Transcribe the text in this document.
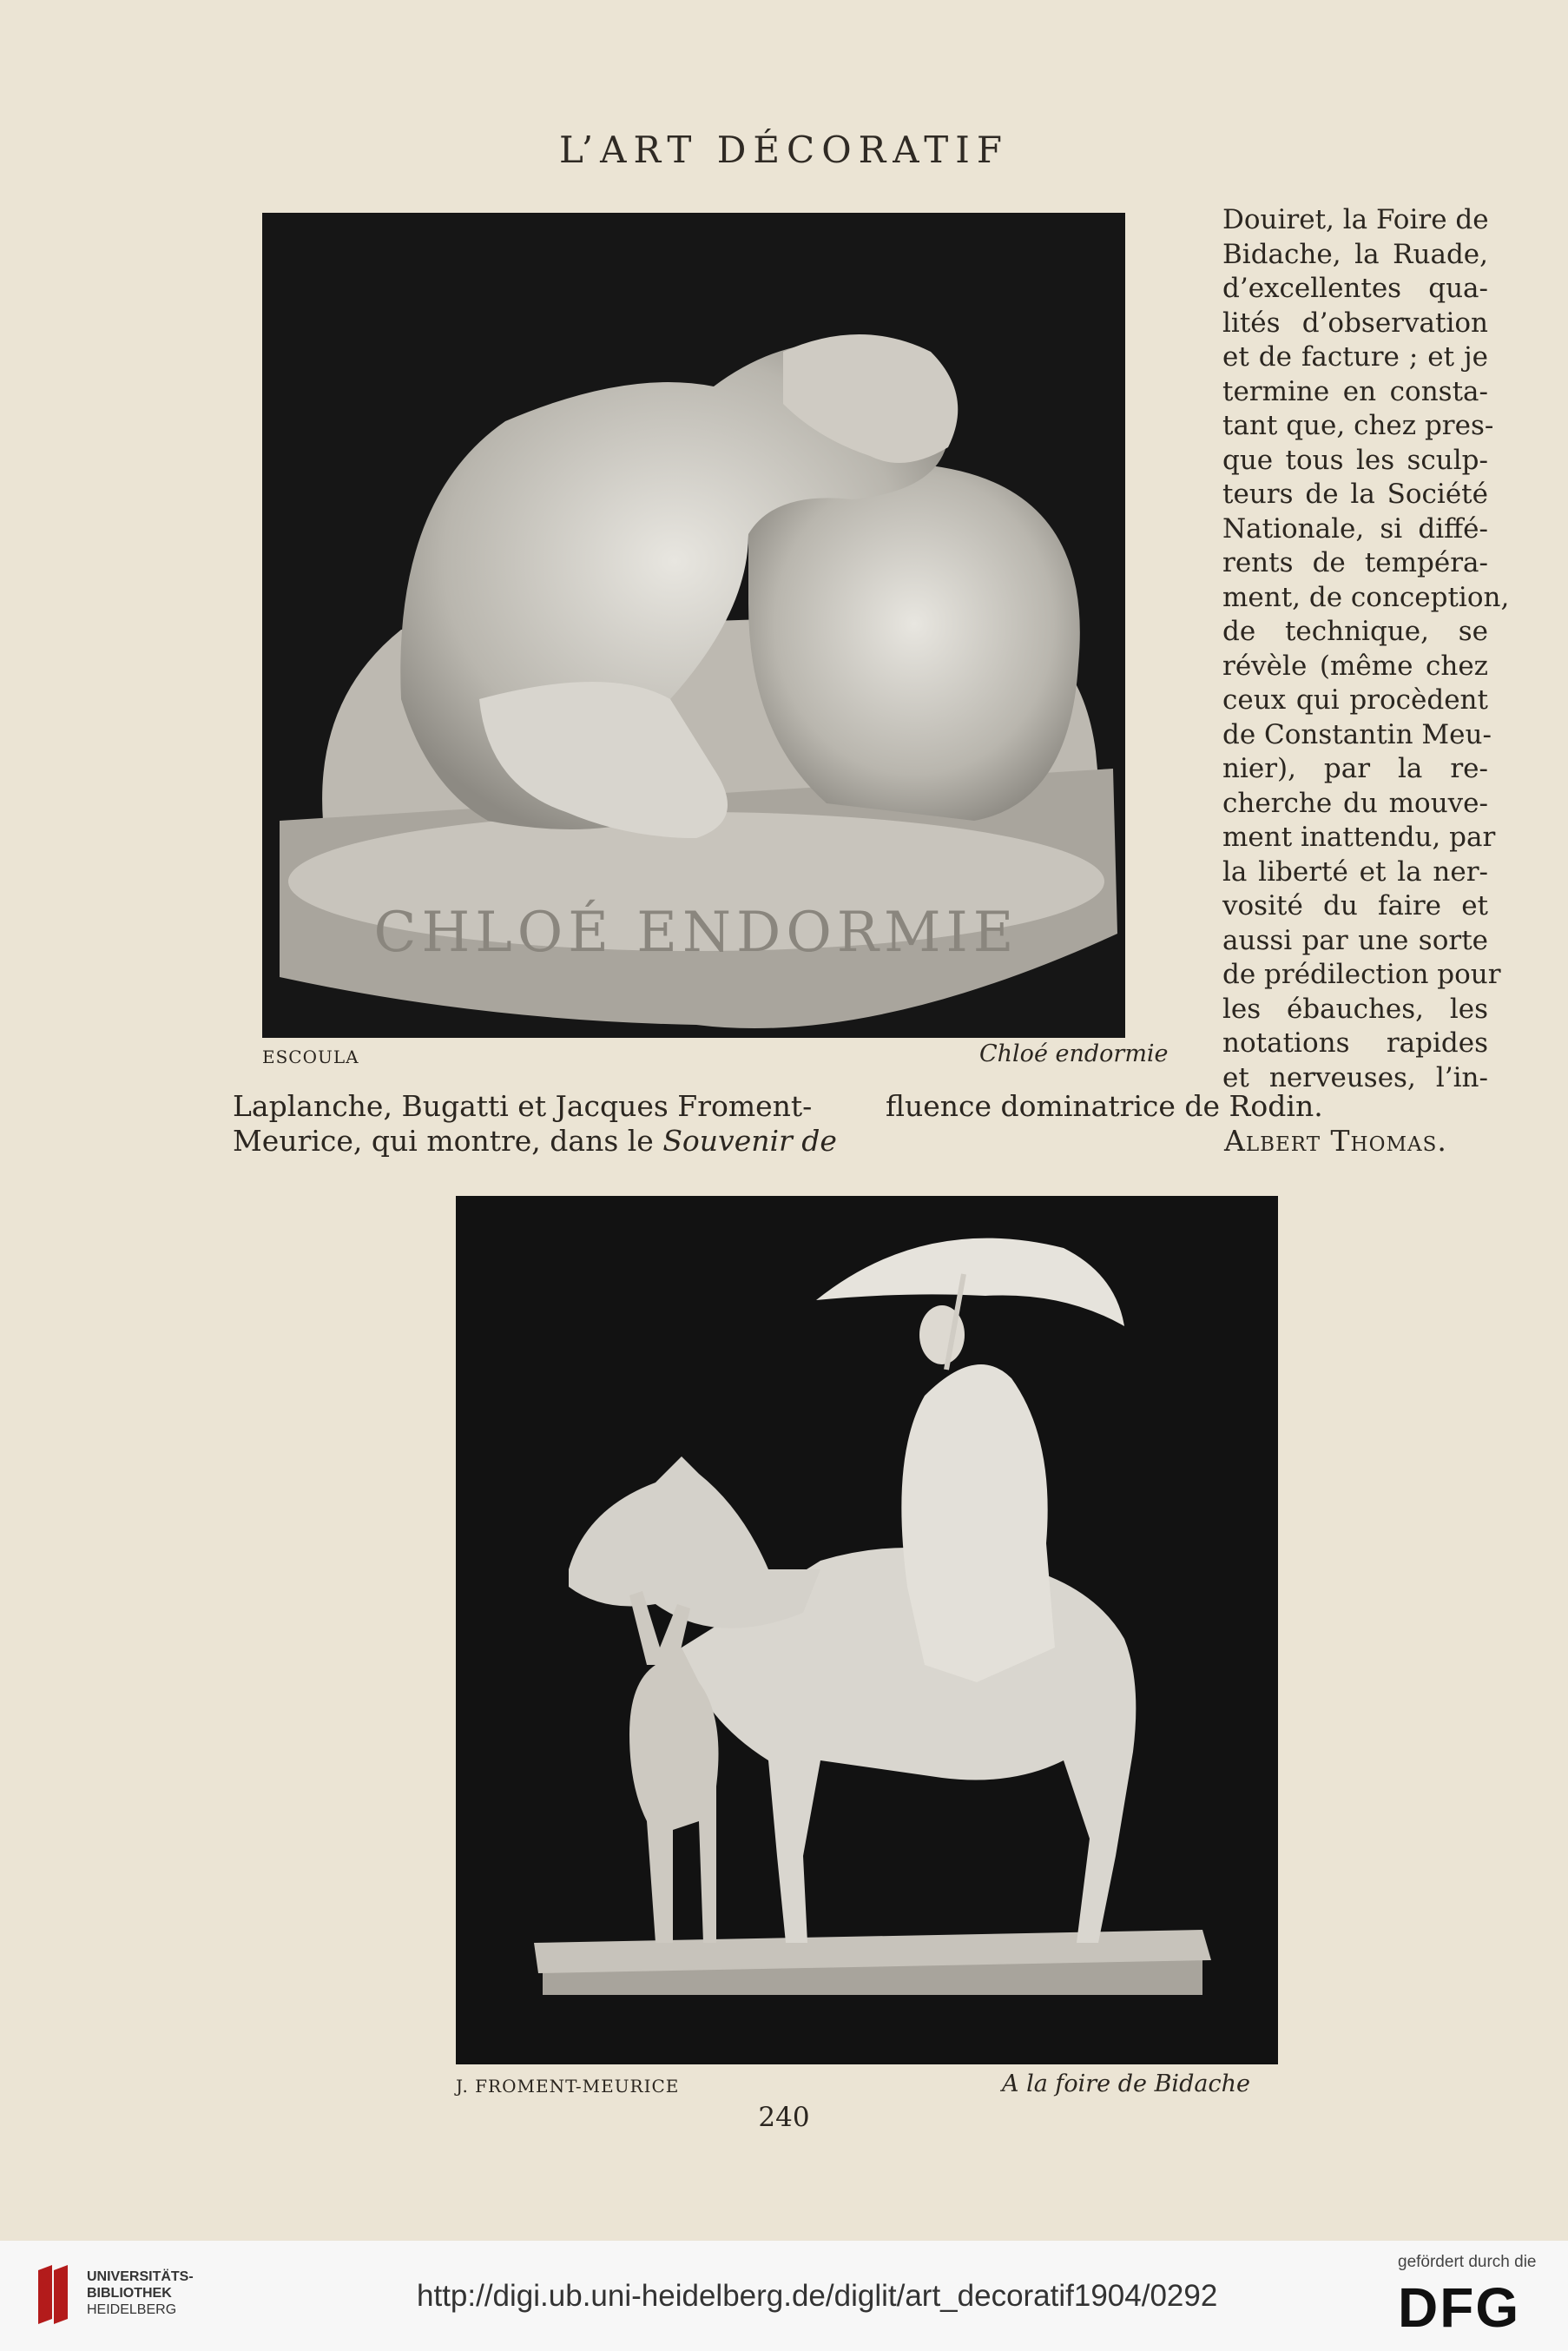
L’ART DÉCORATIF
CHLOÉ ENDORMIE
ESCOULA	Chloé endormie
Douiret, la Foire de
Bidache, la Ruade,
d’excellentes qua-
lités d’observation
et de facture ; et je
termine en consta-
tant que, chez pres-
que tous les sculp-
teurs de la Société
Nationale, si diffé-
rents de tempéra-
ment, de conception,
de technique, se
révèle (même chez
ceux qui procèdent
de Constantin Meu-
nier), par la re-
cherche du mouve-
ment inattendu, par
la liberté et la ner-
vosité du faire et
aussi par une sorte
de prédilection pour
les ébauches, les
notations rapides
et nerveuses, l’in-
Laplanche, Bugatti et Jacques Froment-
Meurice, qui montre, dans le Souvenir de
fluence dominatrice de Rodin.
Albert Thomas.
J. FROMENT-MEURICE	A la foire de Bidache
240
UNIVERSITÄTS-
BIBLIOTHEK
HEIDELBERG	http://digi.ub.uni-heidelberg.de/diglit/art_decoratif1904/0292
gefördert durch die
DFG
